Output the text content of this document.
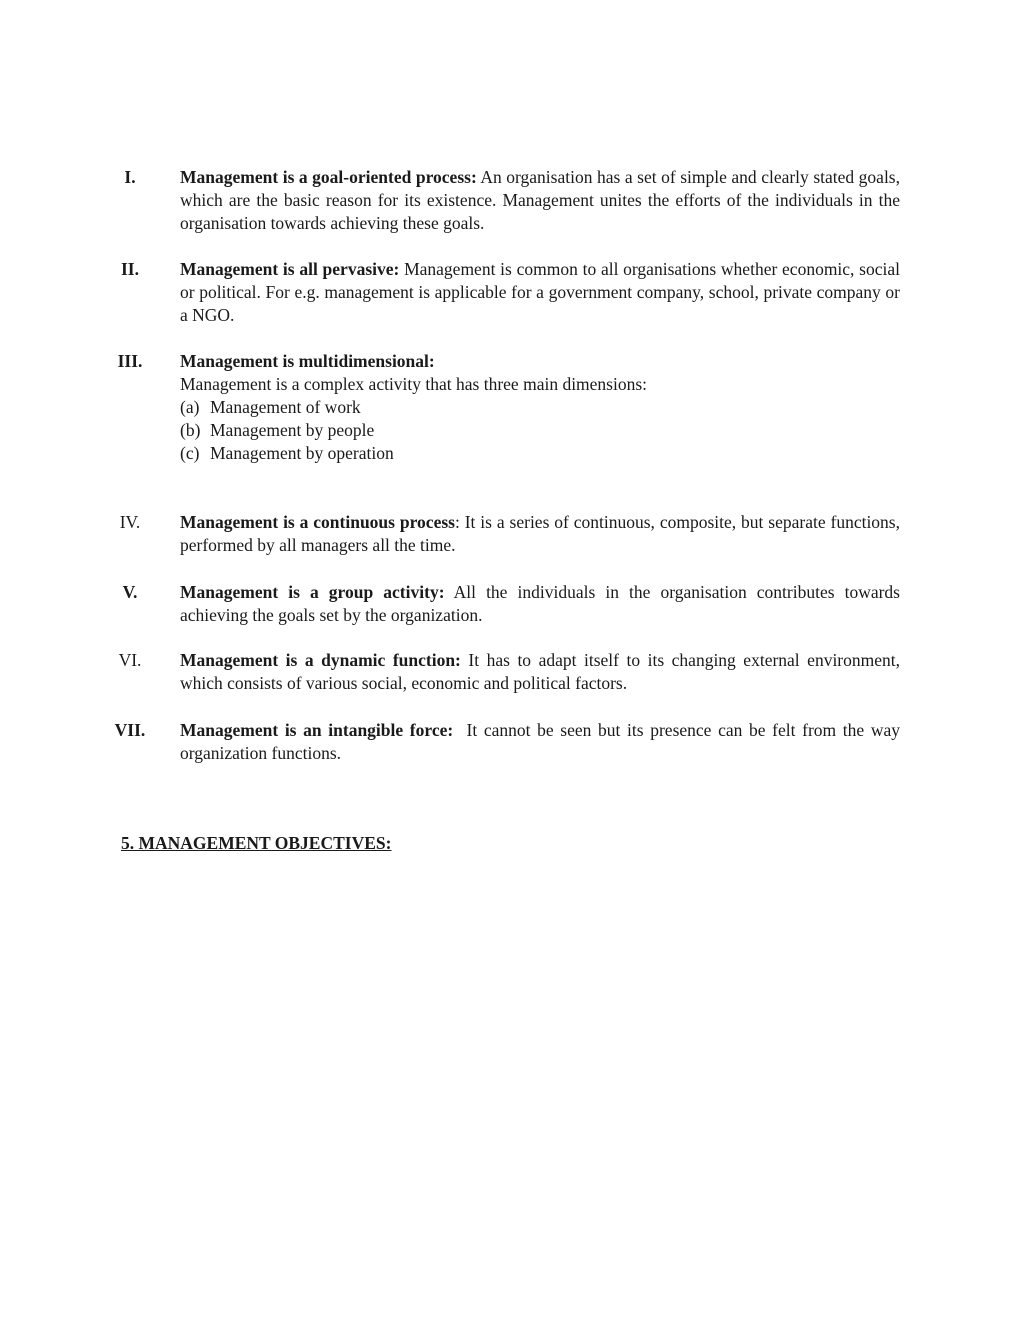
I.	Management is a goal-oriented process: An organisation has a set of simple and clearly stated goals, which are the basic reason for its existence. Management unites the efforts of the individuals in the organisation towards achieving these goals.
II.	Management is all pervasive: Management is common to all organisations whether economic, social or political. For e.g. management is applicable for a government company, school, private company or a NGO.
III.	Management is multidimensional:
Management is a complex activity that has three main dimensions:
(a) Management of work
(b) Management by people
(c) Management by operation
IV.	Management is a continuous process: It is a series of continuous, composite, but separate functions, performed by all managers all the time.
V.	Management is a group activity: All the individuals in the organisation contributes towards achieving the goals set by the organization.
VI.	Management is a dynamic function: It has to adapt itself to its changing external environment, which consists of various social, economic and political factors.
VII.	Management is an intangible force:  It cannot be seen but its presence can be felt from the way organization functions.
5. MANAGEMENT OBJECTIVES:
